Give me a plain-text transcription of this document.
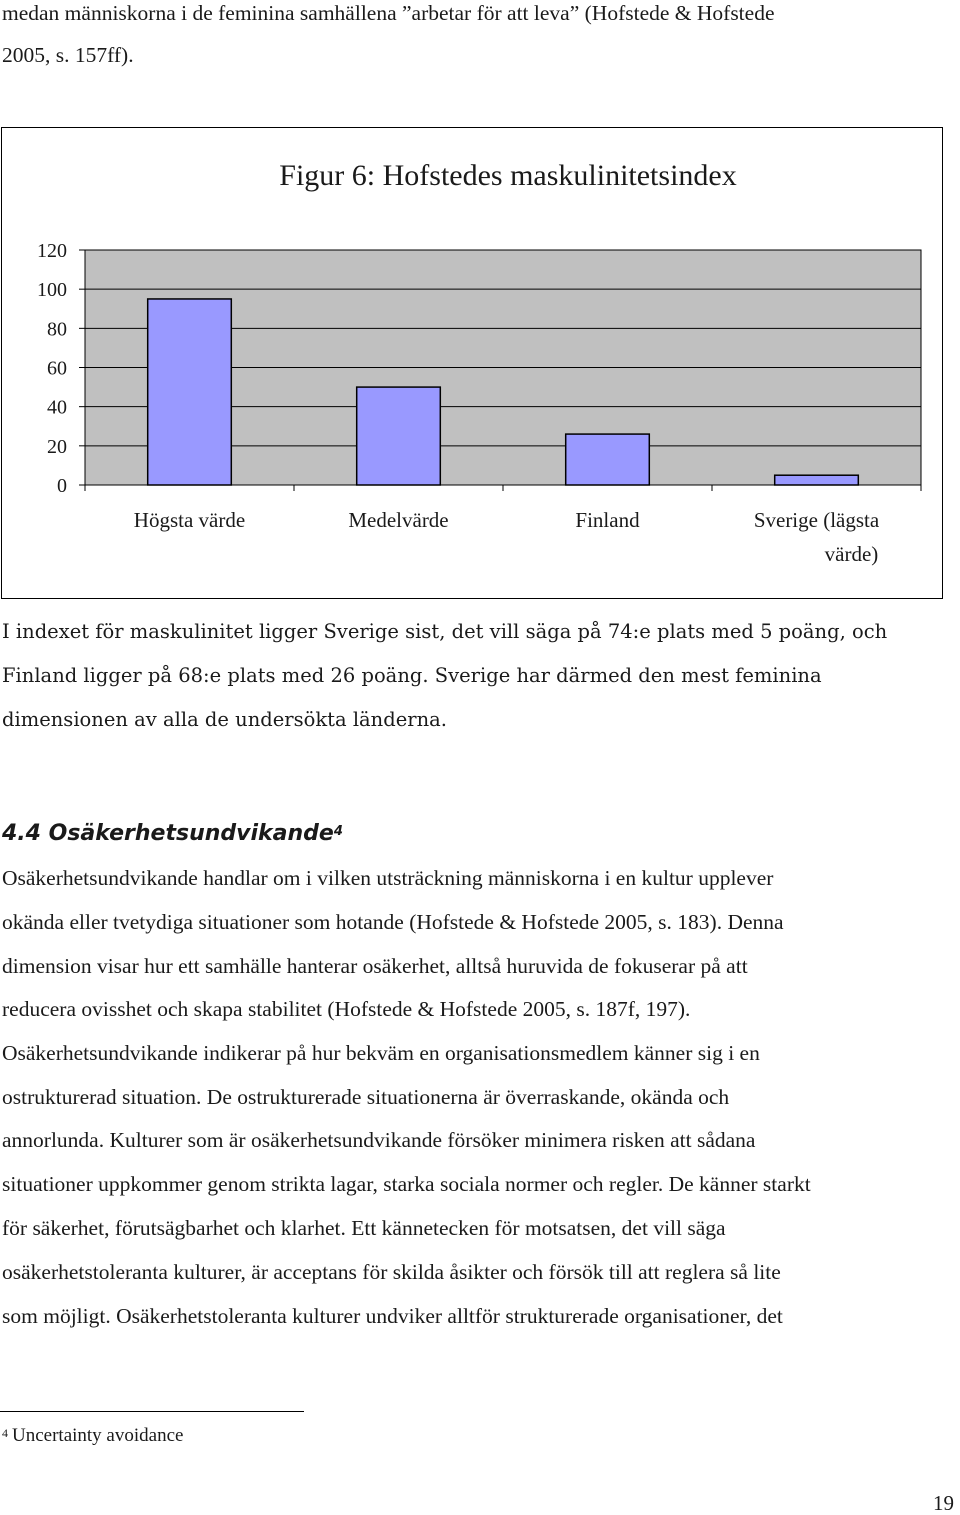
medan människorna i de feminina samhällena ”arbetar för att leva” (Hofstede & Hofstede
2005, s. 157ff).
Figur 6: Hofstedes maskulinitetsindex
0
20
40
60
80
100
120
Högsta värde	Medelvärde	Finland	Sverige (lägsta
värde)
I indexet för maskulinitet ligger Sverige sist, det vill säga på 74:e plats med 5 poäng, och
Finland ligger på 68:e plats med 26 poäng. Sverige har därmed den mest feminina
dimensionen av alla de undersökta länderna.
4.4 Osäkerhetsundvikande$^4$
Osäkerhetsundvikande handlar om i vilken utsträckning människorna i en kultur upplever
okända eller tvetydiga situationer som hotande (Hofstede & Hofstede 2005, s. 183). Denna
dimension visar hur ett samhälle hanterar osäkerhet, alltså huruvida de fokuserar på att
reducera ovisshet och skapa stabilitet (Hofstede & Hofstede 2005, s. 187f, 197).
Osäkerhetsundvikande indikerar på hur bekväm en organisationsmedlem känner sig i en
ostrukturerad situation. De ostrukturerade situationerna är överraskande, okända och
annorlunda. Kulturer som är osäkerhetsundvikande försöker minimera risken att sådana
situationer uppkommer genom strikta lagar, starka sociala normer och regler. De känner starkt
för säkerhet, förutsägbarhet och klarhet. Ett kännetecken för motsatsen, det vill säga
osäkerhetstoleranta kulturer, är acceptans för skilda åsikter och försök till att reglera så lite
som möjligt. Osäkerhetstoleranta kulturer undviker alltför strukturerade organisationer, det
$^4$ Uncertainty avoidance
19
